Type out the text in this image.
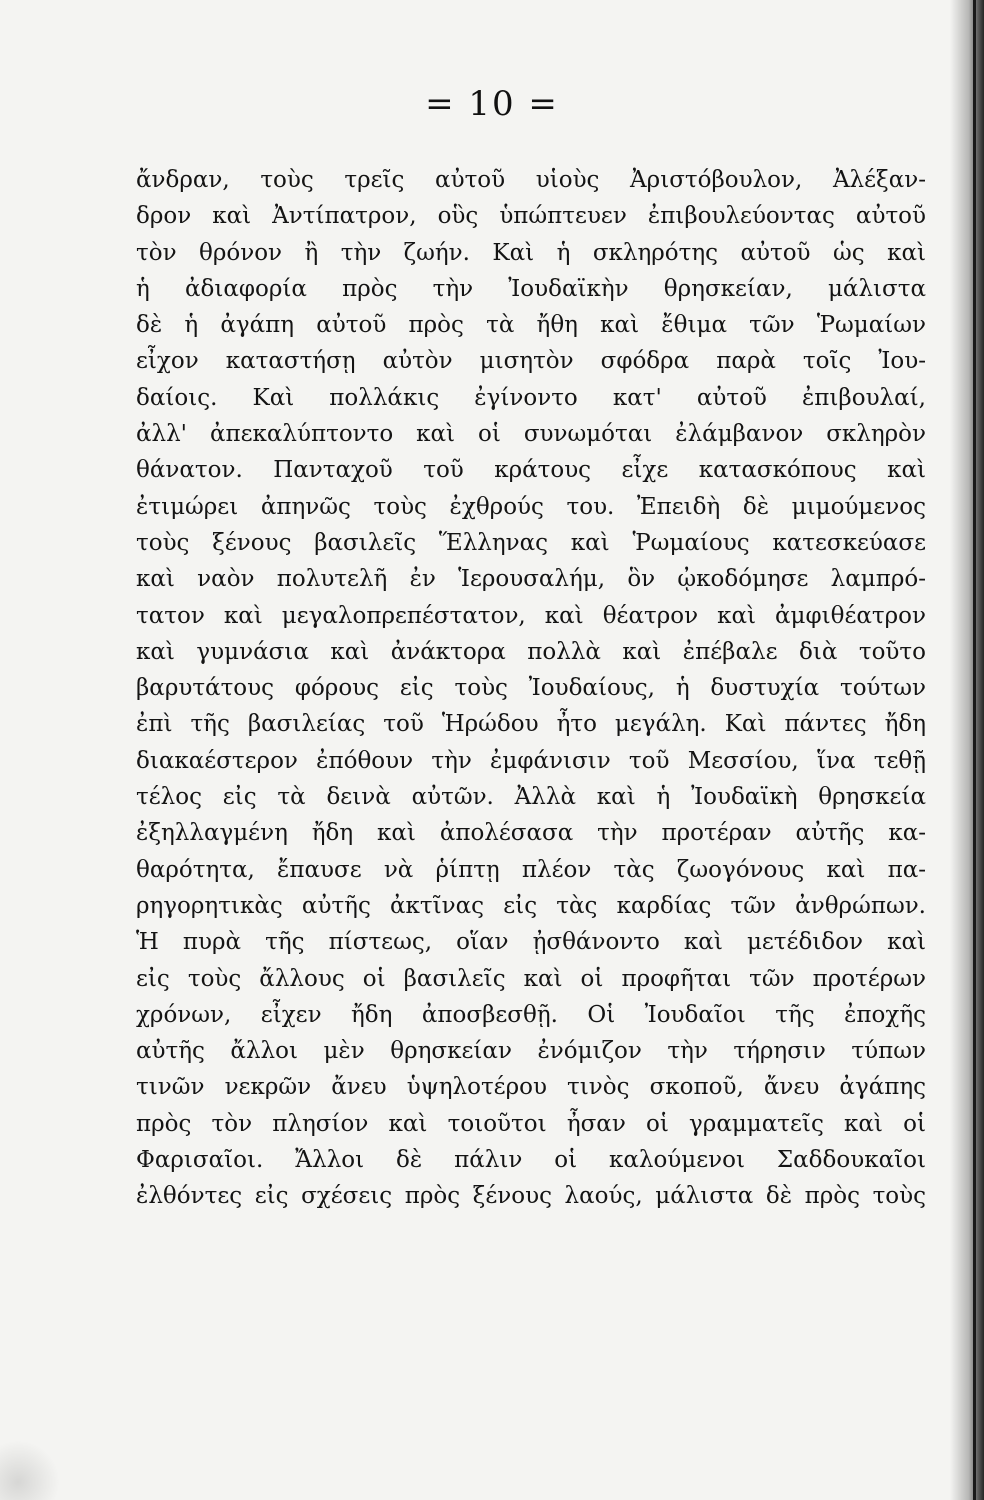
= 10 =
ἄνδραν, τοὺς τρεῖς αὐτοῦ υἱοὺς Ἀριστόβουλον, Ἀλέξαν-
δρον καὶ Ἀντίπατρον, οὓς ὑπώπτευεν ἐπιβουλεύοντας αὐτοῦ
τὸν θρόνον ἢ τὴν ζωήν. Καὶ ἡ σκληρότης αὐτοῦ ὡς καὶ
ἡ ἀδιαφορία πρὸς τὴν Ἰουδαϊκὴν θρησκείαν, μάλιστα
δὲ ἡ ἀγάπη αὐτοῦ πρὸς τὰ ἤθη καὶ ἔθιμα τῶν Ῥωμαίων
εἶχον καταστήσῃ αὐτὸν μισητὸν σφόδρα παρὰ τοῖς Ἰου-
δαίοις. Καὶ πολλάκις ἐγίνοντο κατ' αὐτοῦ ἐπιβουλαί,
ἀλλ' ἀπεκαλύπτοντο καὶ οἱ συνωμόται ἐλάμβανον σκληρὸν
θάνατον. Πανταχοῦ τοῦ κράτους εἶχε κατασκόπους καὶ
ἐτιμώρει ἀπηνῶς τοὺς ἐχθρούς του. Ἐπειδὴ δὲ μιμούμενος
τοὺς ξένους βασιλεῖς Ἕλληνας καὶ Ῥωμαίους κατεσκεύασε
καὶ ναὸν πολυτελῆ ἐν Ἱερουσαλήμ, ὃν ᾠκοδόμησε λαμπρό-
τατον καὶ μεγαλοπρεπέστατον, καὶ θέατρον καὶ ἀμφιθέατρον
καὶ γυμνάσια καὶ ἀνάκτορα πολλὰ καὶ ἐπέβαλε διὰ τοῦτο
βαρυτάτους φόρους εἰς τοὺς Ἰουδαίους, ἡ δυστυχία τούτων
ἐπὶ τῆς βασιλείας τοῦ Ἡρώδου ἦτο μεγάλη. Καὶ πάντες ἤδη
διακαέστερον ἐπόθουν τὴν ἐμφάνισιν τοῦ Μεσσίου, ἵνα τεθῇ
τέλος εἰς τὰ δεινὰ αὐτῶν. Ἀλλὰ καὶ ἡ Ἰουδαϊκὴ θρησκεία
ἐξηλλαγμένη ἤδη καὶ ἀπολέσασα τὴν προτέραν αὐτῆς κα-
θαρότητα, ἔπαυσε νὰ ῥίπτῃ πλέον τὰς ζωογόνους καὶ πα-
ρηγορητικὰς αὐτῆς ἀκτῖνας εἰς τὰς καρδίας τῶν ἀνθρώπων.
Ἡ πυρὰ τῆς πίστεως, οἵαν ᾐσθάνοντο καὶ μετέδιδον καὶ
εἰς τοὺς ἄλλους οἱ βασιλεῖς καὶ οἱ προφῆται τῶν προτέρων
χρόνων, εἶχεν ἤδη ἀποσβεσθῇ. Οἱ Ἰουδαῖοι τῆς ἐποχῆς
αὐτῆς ἄλλοι μὲν θρησκείαν ἐνόμιζον τὴν τήρησιν τύπων
τινῶν νεκρῶν ἄνευ ὑψηλοτέρου τινὸς σκοποῦ, ἄνευ ἀγάπης
πρὸς τὸν πλησίον καὶ τοιοῦτοι ἦσαν οἱ γραμματεῖς καὶ οἱ
Φαρισαῖοι. Ἄλλοι δὲ πάλιν οἱ καλούμενοι Σαδδουκαῖοι
ἐλθόντες εἰς σχέσεις πρὸς ξένους λαούς, μάλιστα δὲ πρὸς τοὺς
